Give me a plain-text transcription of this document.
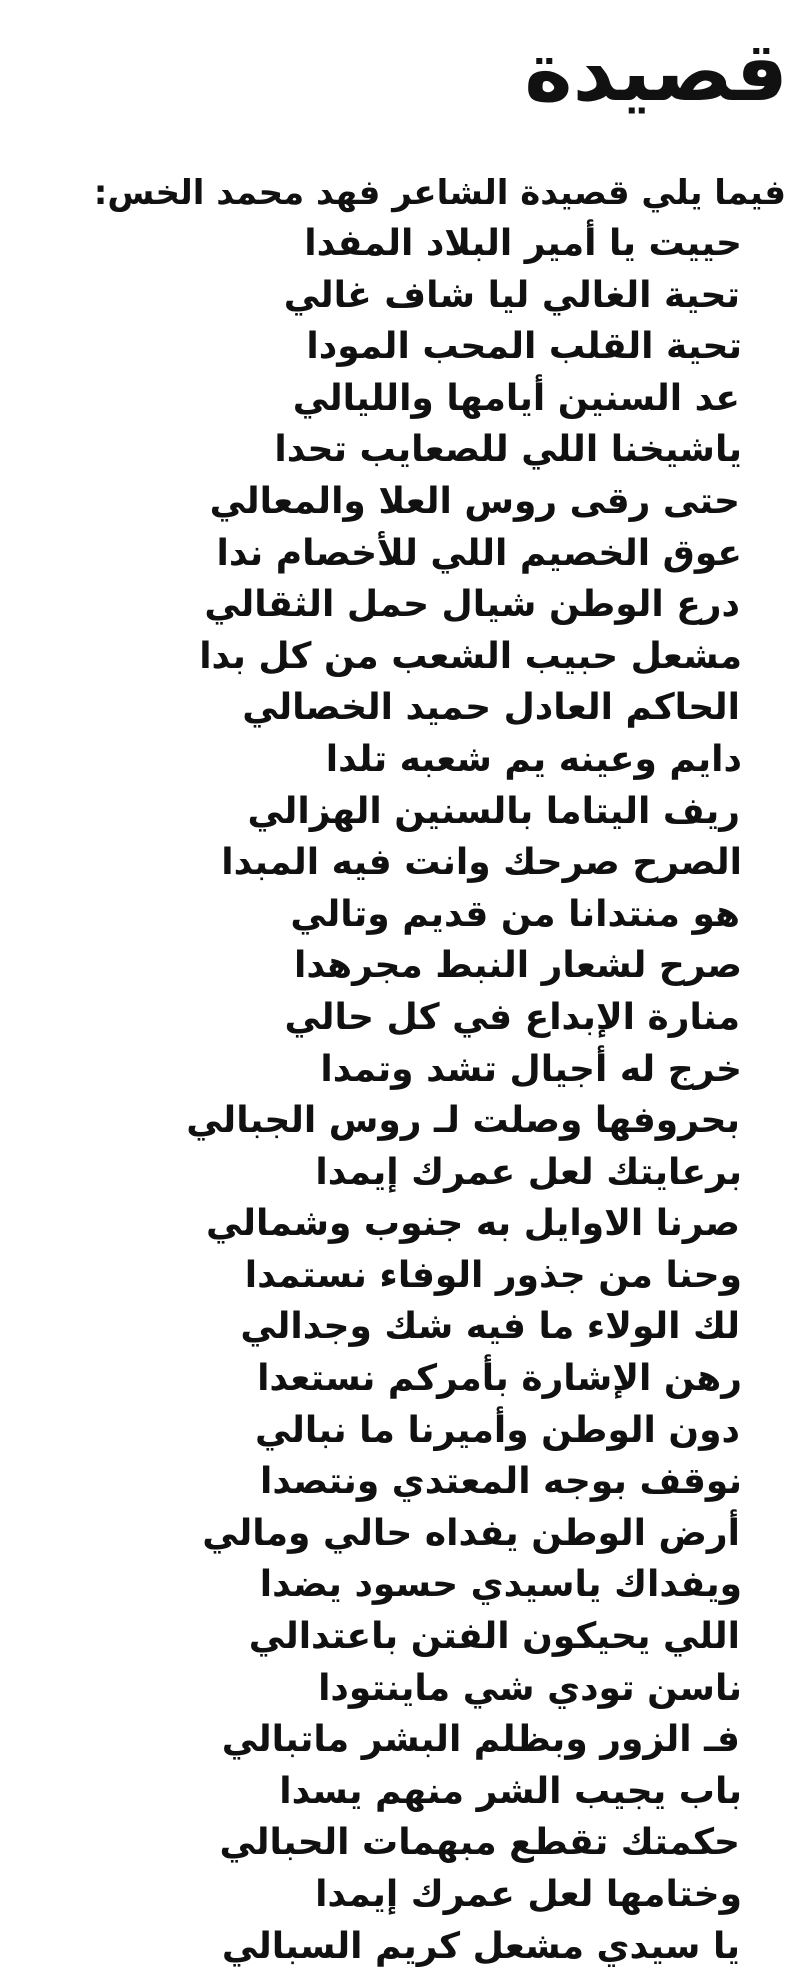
قصيدة

فيما يلي قصيدة الشاعر فهد محمد الخس:

حييت يا أمير البلاد المفدا
تحية الغالي ليا شاف غالي
تحية القلب المحب المودا
عد السنين أيامها والليالي
ياشيخنا اللي للصعايب تحدا
حتى رقى روس العلا والمعالي
عوق الخصيم اللي للأخصام ندا
درع الوطن شيال حمل الثقالي
مشعل حبيب الشعب من كل بدا
الحاكم العادل حميد الخصالي
دايم وعينه يم شعبه تلدا
ريف اليتاما بالسنين الهزالي
الصرح صرحك وانت فيه المبدا
هو منتدانا من قديم وتالي
صرح لشعار النبط مجرهدا
منارة الإبداع في كل حالي
خرج له أجيال تشد وتمدا
بحروفها وصلت لـ روس الجبالي
برعايتك لعل عمرك إيمدا
صرنا الاوايل به جنوب وشمالي
وحنا من جذور الوفاء نستمدا
لك الولاء ما فيه شك وجدالي
رهن الإشارة بأمركم نستعدا
دون الوطن وأميرنا ما نبالي
نوقف بوجه المعتدي ونتصدا
أرض الوطن يفداه حالي ومالي
ويفداك ياسيدي حسود يضدا
اللي يحيكون الفتن باعتدالي
ناسن تودي شي ماينتودا
فـ الزور وبظلم البشر ماتبالي
باب يجيب الشر منهم يسدا
حكمتك تقطع مبهمات الحبالي
وختامها لعل عمرك إيمدا
يا سيدي مشعل كريم السبالي
